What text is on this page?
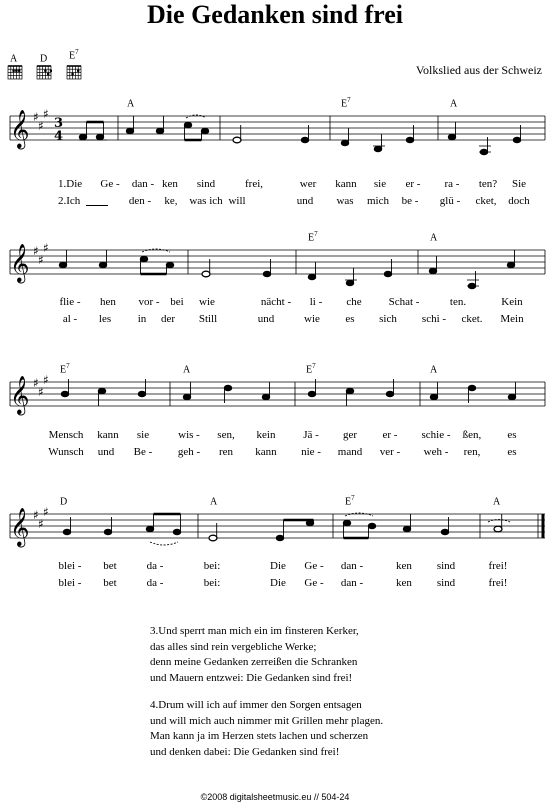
Die Gedanken sind frei
A D $E^7$
Volkslied aus der Schweiz
A	$E^7$	A
𝄞 ♯
♯
♯
3
4
1.Die Ge - dan - ken sind	frei,	wer kann sie er - ra - ten? Sie
2.Ich	den - ke, was ich will	und was mich be - glü - cket, doch
$E^7$	A
𝄞 ♯
♯
♯
flie - hen vor - bei wie	nächt - li - che Schat -	ten.	Kein
al - les in der Still	und	wie es sich schi - cket. Mein
$E^7$	A	$E^7$	A
𝄞 ♯
♯
♯
Mensch kann sie	wis - sen, kein	Jä - ger er - schie - ßen, es
Wunsch und Be - geh - ren kann nie - mand ver - weh - ren, es
D	A	$E^7$	A
𝄞 ♯
♯
♯
blei - bet	da -	bei:	Die Ge - dan -	ken sind	frei!
blei - bet	da -	bei:	Die Ge - dan -	ken sind	frei!
3.Und sperrt man mich ein im finsteren Kerker,
das alles sind rein vergebliche Werke;
denn meine Gedanken zerreißen die Schranken
und Mauern entzwei: Die Gedanken sind frei!
4.Drum will ich auf immer den Sorgen entsagen
und will mich auch nimmer mit Grillen mehr plagen.
Man kann ja im Herzen stets lachen und scherzen
und denken dabei: Die Gedanken sind frei!
©2008 digitalsheetmusic.eu // 504-24
